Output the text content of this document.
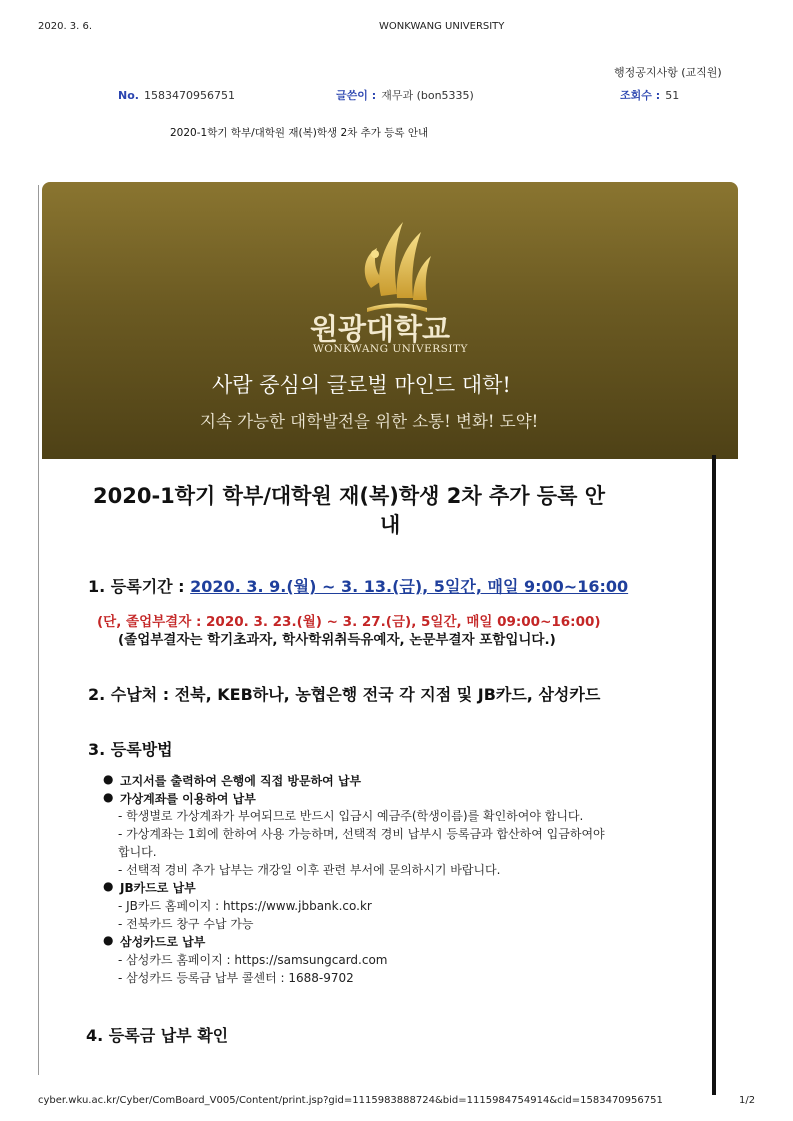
2020. 3. 6.	WONKWANG UNIVERSITY
행정공지사항 (교직원)
No. 1583470956751	글쓴이 : 재무과 (bon5335)	조회수 : 51
2020-1학기 학부/대학원 재(복)학생 2차 추가 등록 안내
원광대학교
WONKWANG UNIVERSITY
사람 중심의 글로벌 마인드 대학!
지속 가능한 대학발전을 위한 소통! 변화! 도약!
2020-1학기 학부/대학원 재(복)학생 2차 추가 등록 안
내
1. 등록기간 : 2020. 3. 9.(월) ~ 3. 13.(금), 5일간, 매일 9:00~16:00
(단, 졸업부결자 : 2020. 3. 23.(월) ~ 3. 27.(금), 5일간, 매일 09:00~16:00)
(졸업부결자는 학기초과자, 학사학위취득유예자, 논문부결자 포함입니다.)
2. 수납처 : 전북, KEB하나, 농협은행 전국 각 지점 및 JB카드, 삼성카드
3. 등록방법
● 고지서를 출력하여 은행에 직접 방문하여 납부
● 가상계좌를 이용하여 납부
- 학생별로 가상계좌가 부여되므로 반드시 입금시 예금주(학생이름)를 확인하여야 합니다.
- 가상계좌는 1회에 한하여 사용 가능하며, 선택적 경비 납부시 등록금과 합산하여 입금하여야
합니다.
- 선택적 경비 추가 납부는 개강일 이후 관련 부서에 문의하시기 바랍니다.
● JB카드로 납부
- JB카드 홈페이지 : https://www.jbbank.co.kr
- 전북카드 창구 수납 가능
● 삼성카드로 납부
- 삼성카드 홈페이지 : https://samsungcard.com
- 삼성카드 등록금 납부 콜센터 : 1688-9702
4. 등록금 납부 확인
cyber.wku.ac.kr/Cyber/ComBoard_V005/Content/print.jsp?gid=1115983888724&bid=1115984754914&cid=1583470956751	1/2
